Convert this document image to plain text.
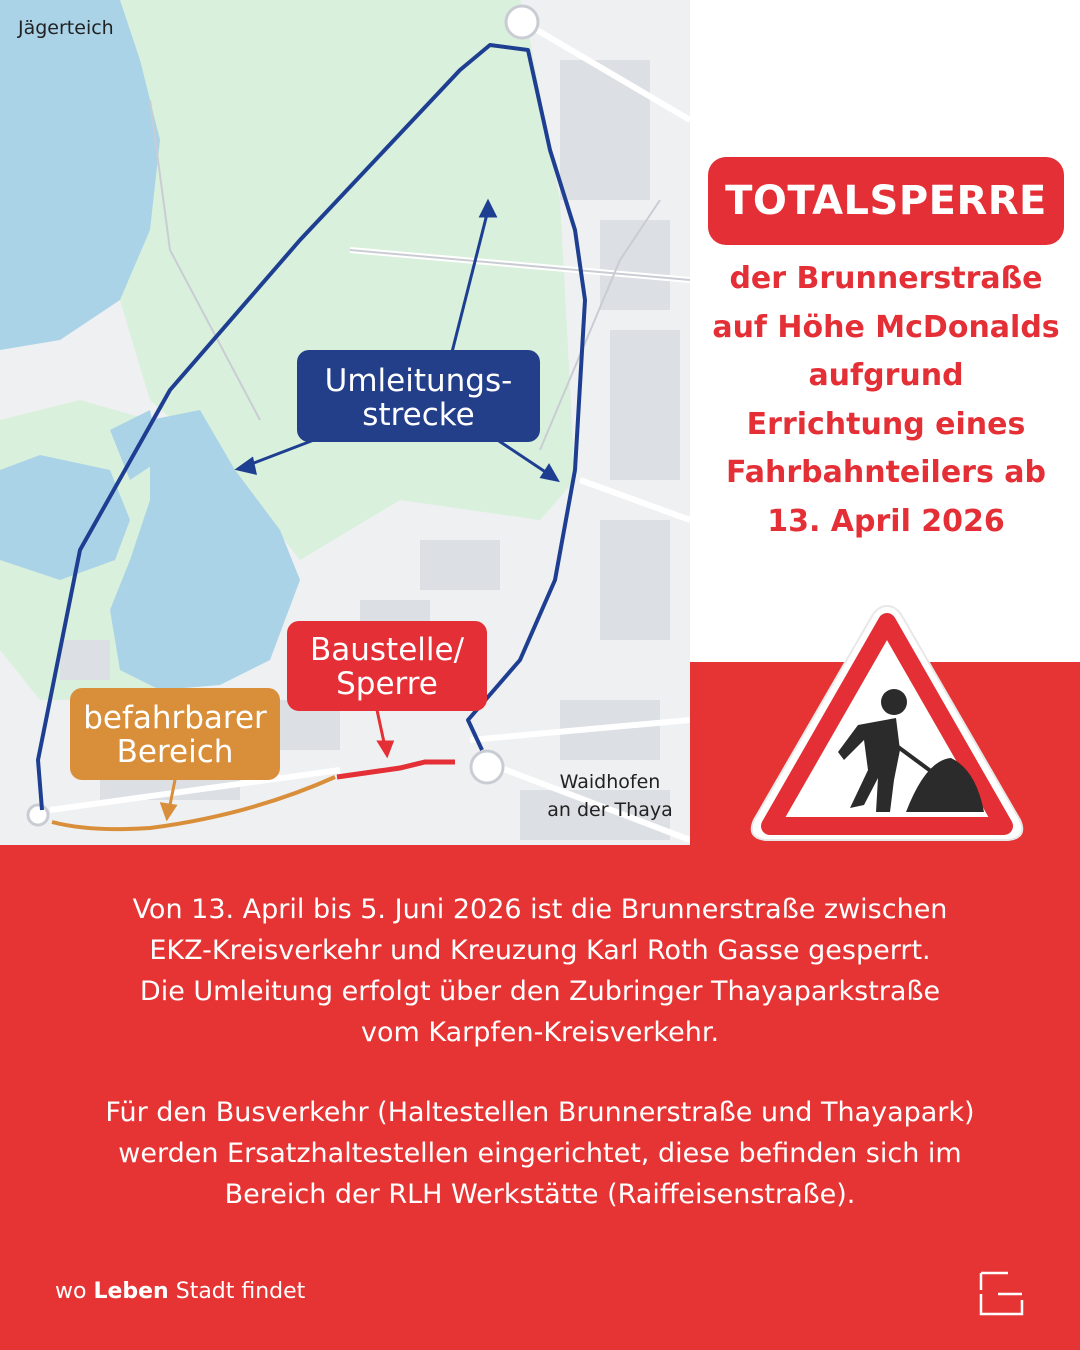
Jägerteich
Waidhofen
an der Thaya
Umleitungs-
strecke
Baustelle/
Sperre
befahrbarer
Bereich
TOTALSPERRE
der Brunnerstraße
auf Höhe McDonalds
aufgrund
Errichtung eines
Fahrbahnteilers ab
13. April 2026
Von 13. April bis 5. Juni 2026 ist die Brunnerstraße zwischen
EKZ-Kreisverkehr und Kreuzung Karl Roth Gasse gesperrt.
Die Umleitung erfolgt über den Zubringer Thayaparkstraße
vom Karpfen-Kreisverkehr.
Für den Busverkehr (Haltestellen Brunnerstraße und Thayapark)
werden Ersatzhaltestellen eingerichtet, diese befinden sich im
Bereich der RLH Werkstätte (Raiffeisenstraße).
wo Leben Stadt findet
